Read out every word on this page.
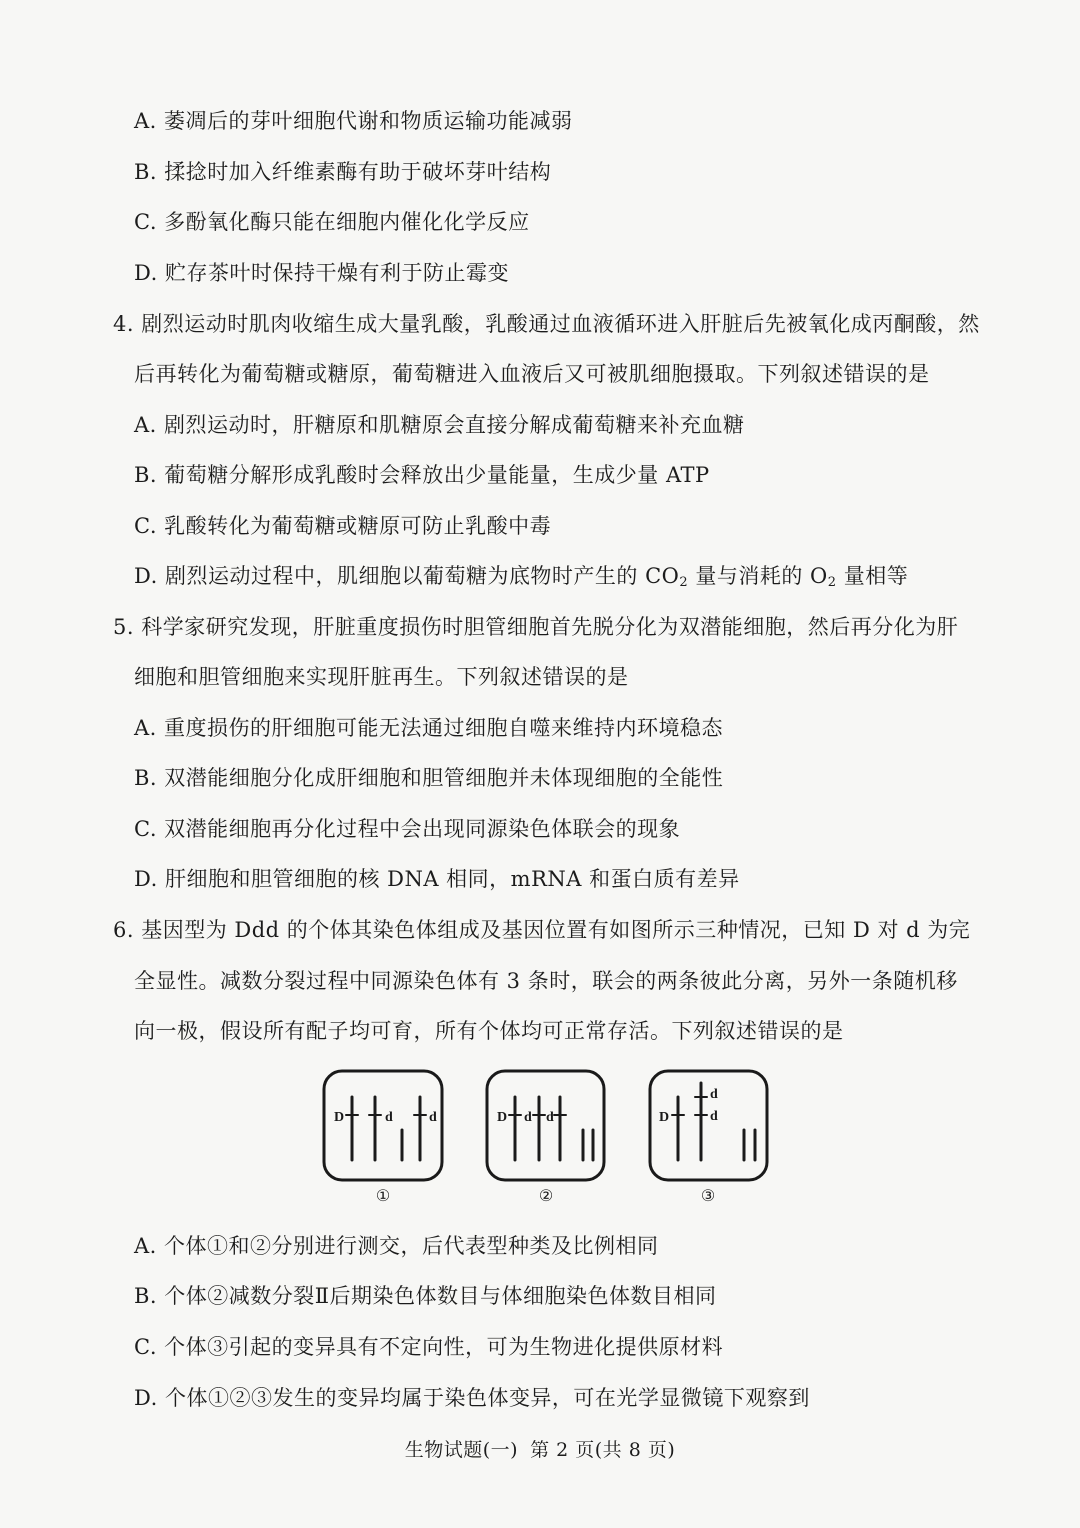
A. 萎凋后的芽叶细胞代谢和物质运输功能减弱
B. 揉捻时加入纤维素酶有助于破坏芽叶结构
C. 多酚氧化酶只能在细胞内催化化学反应
D. 贮存茶叶时保持干燥有利于防止霉变
4. 剧烈运动时肌肉收缩生成大量乳酸，乳酸通过血液循环进入肝脏后先被氧化成丙酮酸，然
后再转化为葡萄糖或糖原，葡萄糖进入血液后又可被肌细胞摄取。下列叙述错误的是
A. 剧烈运动时，肝糖原和肌糖原会直接分解成葡萄糖来补充血糖
B. 葡萄糖分解形成乳酸时会释放出少量能量，生成少量 ATP
C. 乳酸转化为葡萄糖或糖原可防止乳酸中毒
D. 剧烈运动过程中，肌细胞以葡萄糖为底物时产生的 $CO_2$ 量与消耗的 $O_2$ 量相等
5. 科学家研究发现，肝脏重度损伤时胆管细胞首先脱分化为双潜能细胞，然后再分化为肝
细胞和胆管细胞来实现肝脏再生。下列叙述错误的是
A. 重度损伤的肝细胞可能无法通过细胞自噬来维持内环境稳态
B. 双潜能细胞分化成肝细胞和胆管细胞并未体现细胞的全能性
C. 双潜能细胞再分化过程中会出现同源染色体联会的现象
D. 肝细胞和胆管细胞的核 DNA 相同，mRNA 和蛋白质有差异
6. 基因型为 Ddd 的个体其染色体组成及基因位置有如图所示三种情况，已知 D 对 d 为完
全显性。减数分裂过程中同源染色体有 3 条时，联会的两条彼此分离，另外一条随机移
向一极，假设所有配子均可育，所有个体均可正常存活。下列叙述错误的是
D	d	d	D d d	D
d
d
①	②	③
A. 个体①和②分别进行测交，后代表型种类及比例相同
B. 个体②减数分裂Ⅱ后期染色体数目与体细胞染色体数目相同
C. 个体③引起的变异具有不定向性，可为生物进化提供原材料
D. 个体①②③发生的变异均属于染色体变异，可在光学显微镜下观察到
生物试题(一) 第 2 页(共 8 页)
